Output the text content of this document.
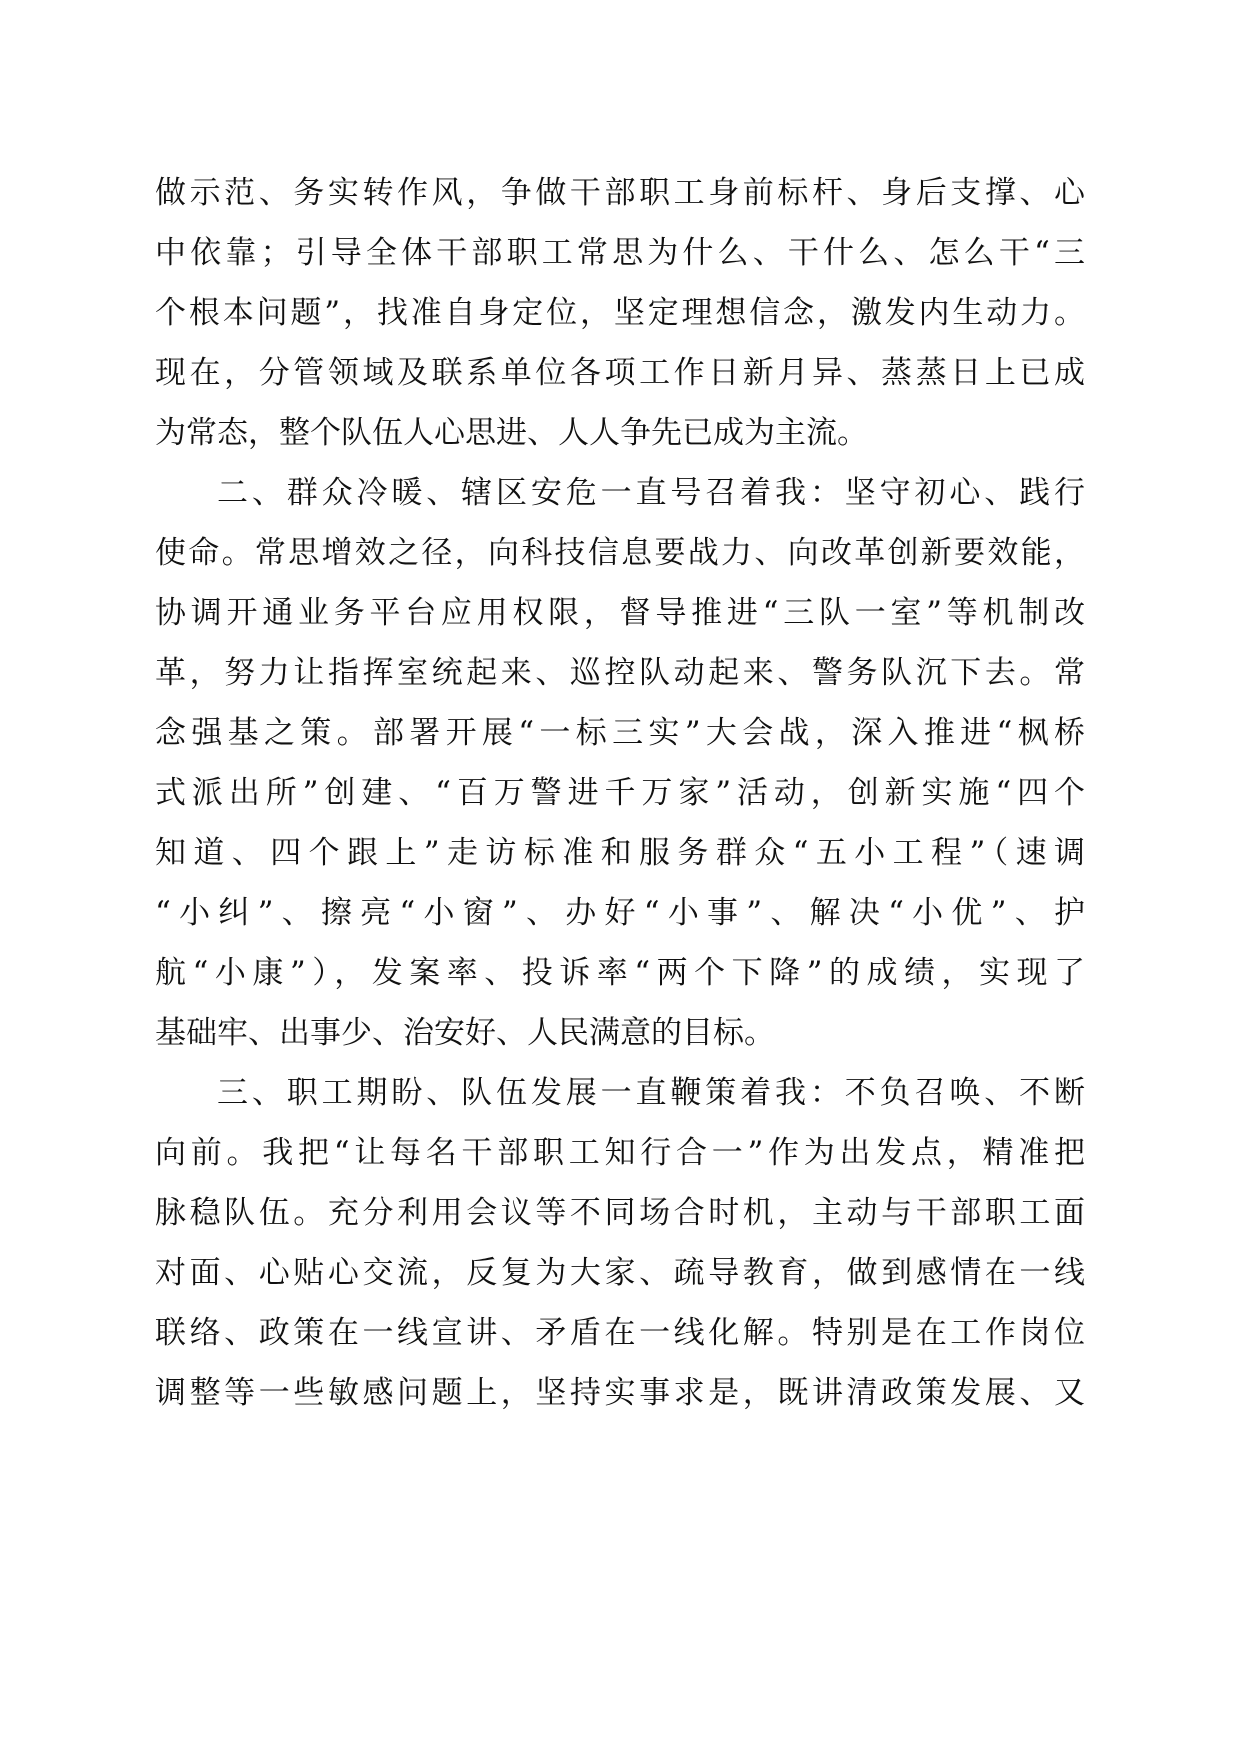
做示范、务实转作风，争做干部职工身前标杆、身后支撑、心
中依靠；引导全体干部职工常思为什么、干什么、怎么干“三
个根本问题”，找准自身定位，坚定理想信念，激发内生动力。
现在，分管领域及联系单位各项工作日新月异、蒸蒸日上已成
为常态，整个队伍人心思进、人人争先已成为主流。
二、群众冷暖、辖区安危一直号召着我：坚守初心、践行
使命。常思增效之径，向科技信息要战力、向改革创新要效能，
协调开通业务平台应用权限，督导推进“三队一室”等机制改
革，努力让指挥室统起来、巡控队动起来、警务队沉下去。常
念强基之策。部署开展“一标三实”大会战，深入推进“枫桥
式派出所”创建、“百万警进千万家”活动，创新实施“四个
知道、四个跟上”走访标准和服务群众“五小工程”（速调
“小纠”、擦亮“小窗”、办好“小事”、解决“小优”、护
航“小康”），发案率、投诉率“两个下降”的成绩，实现了
基础牢、出事少、治安好、人民满意的目标。
三、职工期盼、队伍发展一直鞭策着我：不负召唤、不断
向前。我把“让每名干部职工知行合一”作为出发点，精准把
脉稳队伍。充分利用会议等不同场合时机，主动与干部职工面
对面、心贴心交流，反复为大家、疏导教育，做到感情在一线
联络、政策在一线宣讲、矛盾在一线化解。特别是在工作岗位
调整等一些敏感问题上，坚持实事求是，既讲清政策发展、又
